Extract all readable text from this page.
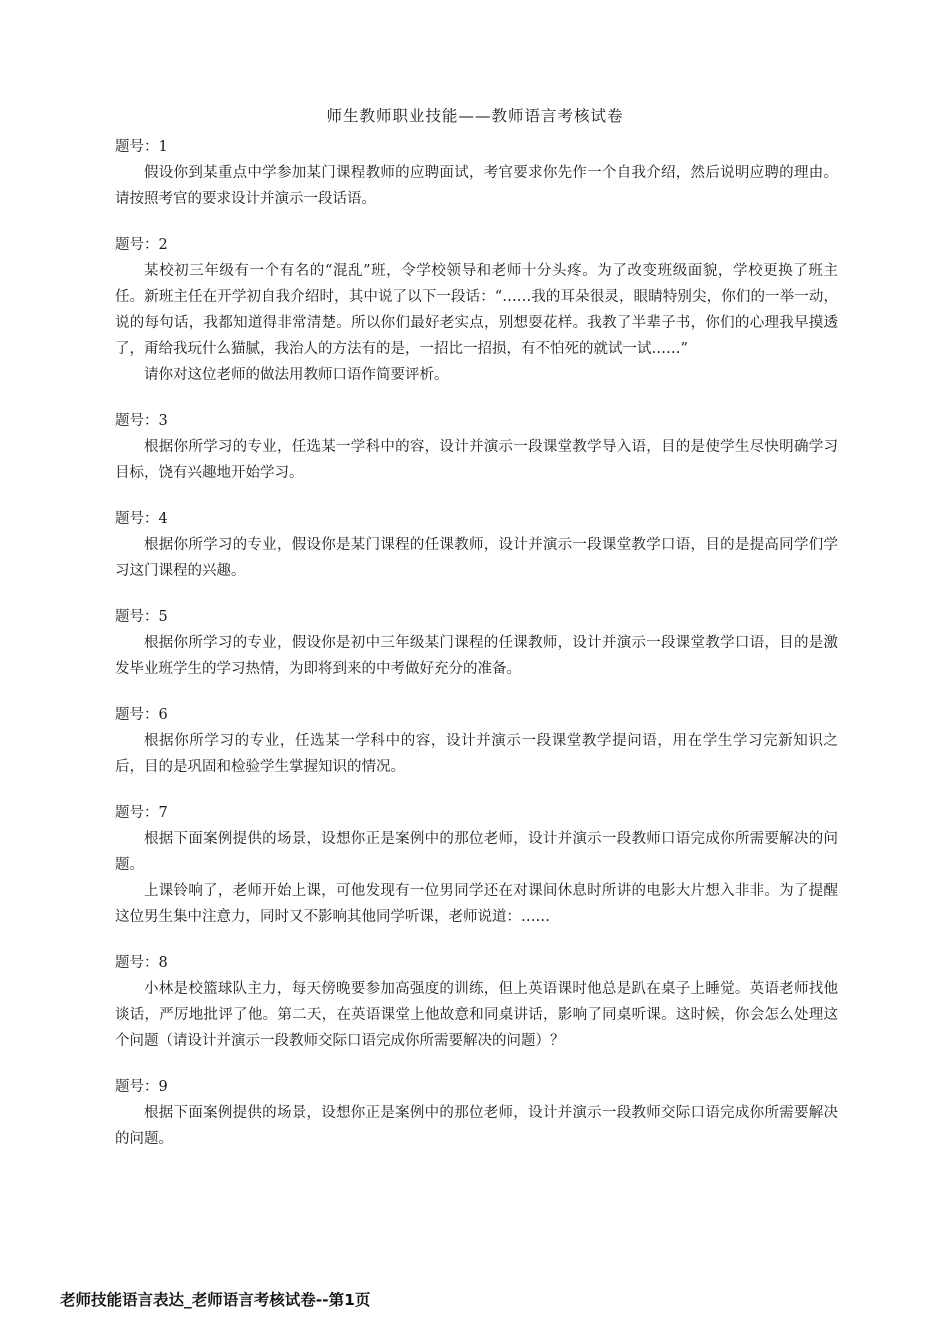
师生教师职业技能——教师语言考核试卷
题号：1

假设你到某重点中学参加某门课程教师的应聘面试，考官要求你先作一个自我介绍，然后说明应聘的理由。请按照考官的要求设计并演示一段话语。

题号：2

某校初三年级有一个有名的“混乱”班，令学校领导和老师十分头疼。为了改变班级面貌，学校更换了班主任。新班主任在开学初自我介绍时，其中说了以下一段话：“……我的耳朵很灵，眼睛特别尖，你们的一举一动，说的每句话，我都知道得非常清楚。所以你们最好老实点，别想耍花样。我教了半辈子书，你们的心理我早摸透了，甭给我玩什么猫腻，我治人的方法有的是，一招比一招损，有不怕死的就试一试……”

请你对这位老师的做法用教师口语作简要评析。

题号：3

根据你所学习的专业，任选某一学科中的容，设计并演示一段课堂教学导入语，目的是使学生尽快明确学习目标，饶有兴趣地开始学习。

题号：4

根据你所学习的专业，假设你是某门课程的任课教师，设计并演示一段课堂教学口语，目的是提高同学们学习这门课程的兴趣。

题号：5

根据你所学习的专业，假设你是初中三年级某门课程的任课教师，设计并演示一段课堂教学口语，目的是激发毕业班学生的学习热情，为即将到来的中考做好充分的准备。

题号：6

根据你所学习的专业，任选某一学科中的容，设计并演示一段课堂教学提问语，用在学生学习完新知识之后，目的是巩固和检验学生掌握知识的情况。

题号：7

根据下面案例提供的场景，设想你正是案例中的那位老师，设计并演示一段教师口语完成你所需要解决的问题。

上课铃响了，老师开始上课，可他发现有一位男同学还在对课间休息时所讲的电影大片想入非非。为了提醒这位男生集中注意力，同时又不影响其他同学听课，老师说道：……

题号：8

小林是校篮球队主力，每天傍晚要参加高强度的训练，但上英语课时他总是趴在桌子上睡觉。英语老师找他谈话，严厉地批评了他。第二天，在英语课堂上他故意和同桌讲话，影响了同桌听课。这时候，你会怎么处理这个问题（请设计并演示一段教师交际口语完成你所需要解决的问题）？

题号：9

根据下面案例提供的场景，设想你正是案例中的那位老师，设计并演示一段教师交际口语完成你所需要解决的问题。

老师技能语言表达_老师语言考核试卷--第1页
